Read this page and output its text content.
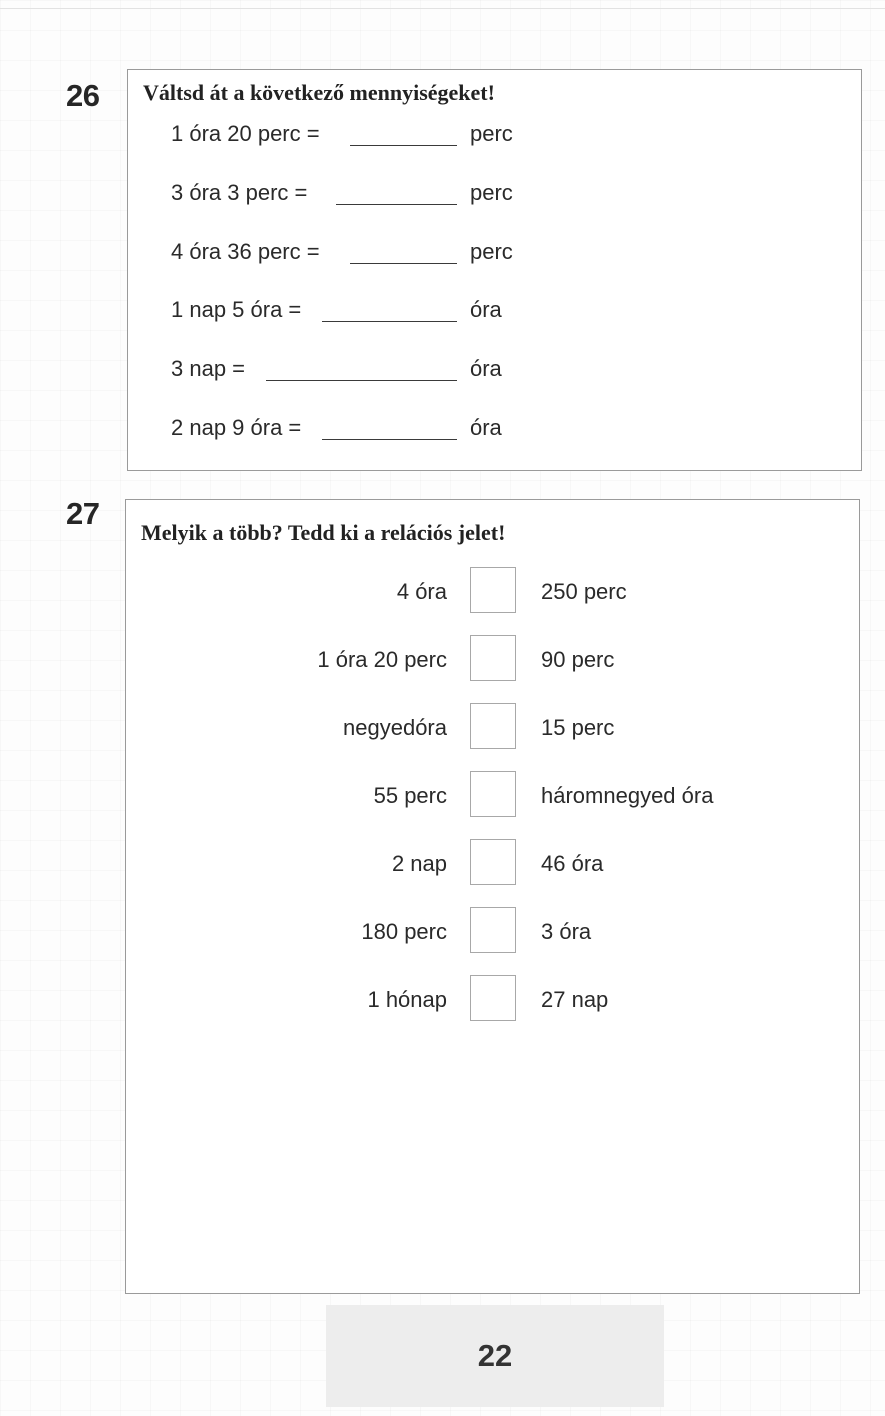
26 Váltsd át a következő mennyiségeket!
1 óra 20 perc =	perc
3 óra 3 perc =	perc
4 óra 36 perc =	perc
1 nap 5 óra =	óra
3 nap =	óra
2 nap 9 óra =	óra
27
Melyik a több? Tedd ki a relációs jelet!
4 óra	250 perc
1 óra 20 perc	90 perc
negyedóra	15 perc
55 perc	háromnegyed óra
2 nap	46 óra
180 perc	3 óra
1 hónap	27 nap
22
